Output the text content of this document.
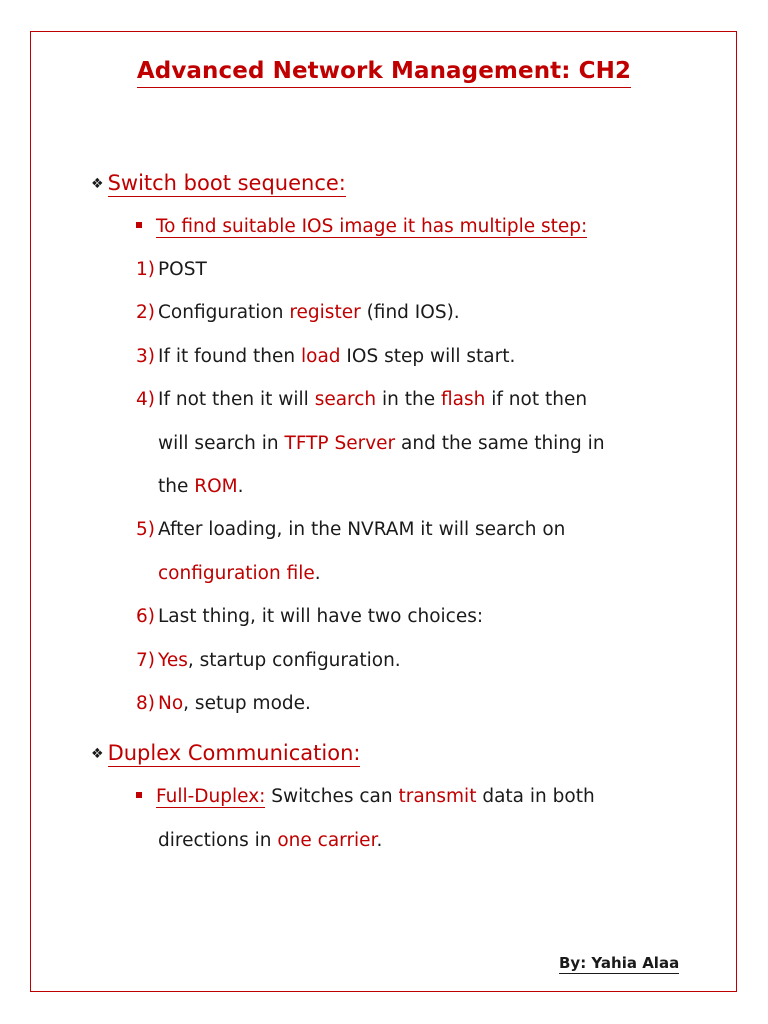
Advanced Network Management: CH2
❖ Switch boot sequence:
To find suitable IOS image it has multiple step:
1) POST
2) Configuration register (find IOS).
3) If it found then load IOS step will start.
4) If not then it will search in the flash if not then
will search in TFTP Server and the same thing in
the ROM.
5) After loading, in the NVRAM it will search on
configuration file.
6) Last thing, it will have two choices:
7) Yes, startup configuration.
8) No, setup mode.
❖ Duplex Communication:
Full-Duplex: Switches can transmit data in both
directions in one carrier.
By: Yahia Alaa
